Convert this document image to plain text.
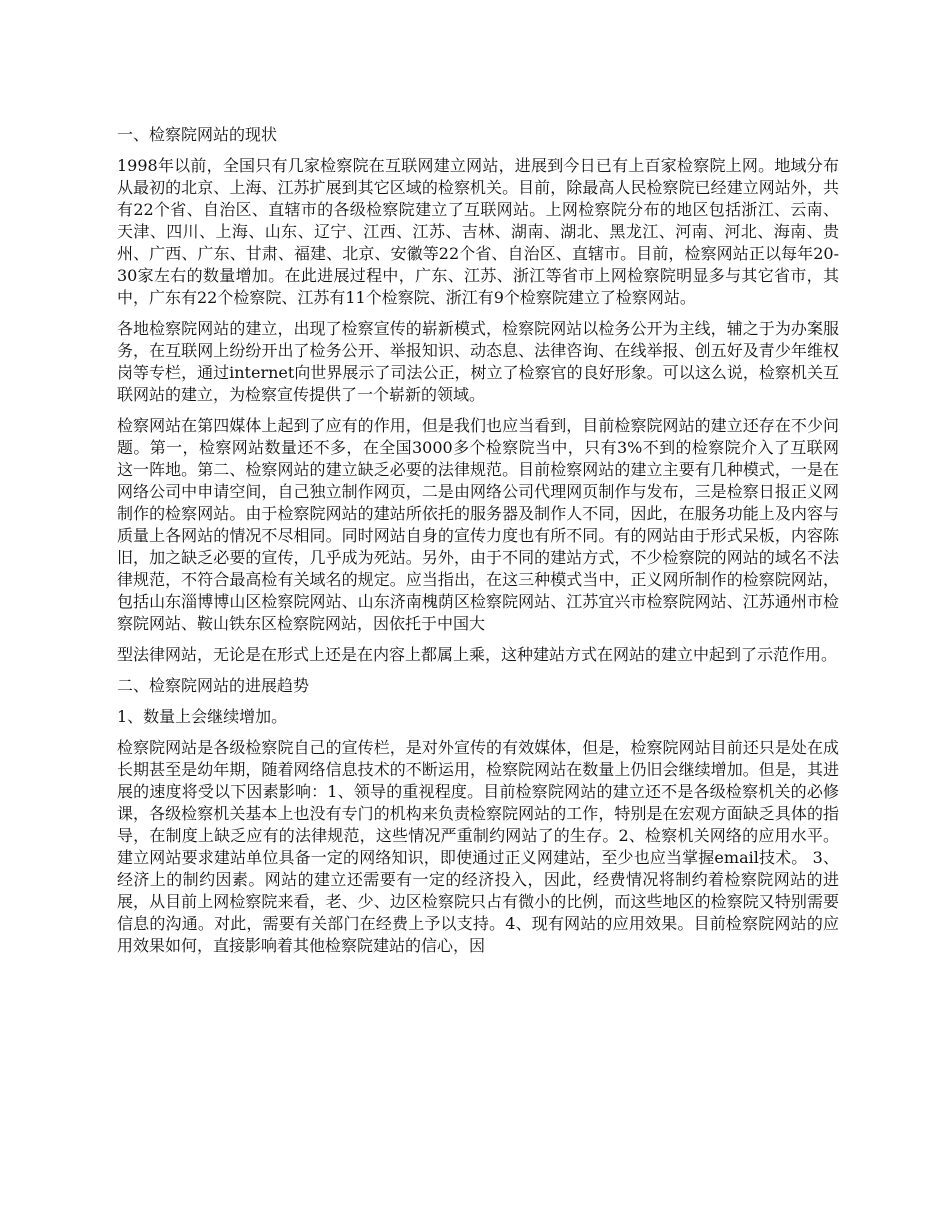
一、检察院网站的现状

1998年以前，全国只有几家检察院在互联网建立网站，进展到今日已有上百家检察院上网。地域分布从最初的北京、上海、江苏扩展到其它区域的检察机关。目前，除最高人民检察院已经建立网站外，共有22个省、自治区、直辖市的各级检察院建立了互联网站。上网检察院分布的地区包括浙江、云南、天津、四川、上海、山东、辽宁、江西、江苏、吉林、湖南、湖北、黑龙江、河南、河北、海南、贵州、广西、广东、甘肃、福建、北京、安徽等22个省、自治区、直辖市。目前，检察网站正以每年20-30家左右的数量增加。在此进展过程中，广东、江苏、浙江等省市上网检察院明显多与其它省市，其中，广东有22个检察院、江苏有11个检察院、浙江有9个检察院建立了检察网站。

各地检察院网站的建立，出现了检察宣传的崭新模式，检察院网站以检务公开为主线，辅之于为办案服务，在互联网上纷纷开出了检务公开、举报知识、动态息、法律咨询、在线举报、创五好及青少年维权岗等专栏，通过internet向世界展示了司法公正，树立了检察官的良好形象。可以这么说，检察机关互联网站的建立，为检察宣传提供了一个崭新的领域。

检察网站在第四媒体上起到了应有的作用，但是我们也应当看到，目前检察院网站的建立还存在不少问题。第一，检察网站数量还不多，在全国3000多个检察院当中，只有3%不到的检察院介入了互联网这一阵地。第二、检察网站的建立缺乏必要的法律规范。目前检察网站的建立主要有几种模式，一是在网络公司中申请空间，自己独立制作网页，二是由网络公司代理网页制作与发布，三是检察日报正义网制作的检察网站。由于检察院网站的建站所依托的服务器及制作人不同，因此，在服务功能上及内容与质量上各网站的情况不尽相同。同时网站自身的宣传力度也有所不同。有的网站由于形式呆板，内容陈旧，加之缺乏必要的宣传，几乎成为死站。另外，由于不同的建站方式，不少检察院的网站的域名不法律规范，不符合最高检有关域名的规定。应当指出，在这三种模式当中，正义网所制作的检察院网站，包括山东淄博博山区检察院网站、山东济南槐荫区检察院网站、江苏宜兴市检察院网站、江苏通州市检察院网站、鞍山铁东区检察院网站，因依托于中国大

型法律网站，无论是在形式上还是在内容上都属上乘，这种建站方式在网站的建立中起到了示范作用。

二、检察院网站的进展趋势

1、数量上会继续增加。

检察院网站是各级检察院自己的宣传栏，是对外宣传的有效媒体，但是，检察院网站目前还只是处在成长期甚至是幼年期，随着网络信息技术的不断运用，检察院网站在数量上仍旧会继续增加。但是，其进展的速度将受以下因素影响：1、领导的重视程度。目前检察院网站的建立还不是各级检察机关的必修课，各级检察机关基本上也没有专门的机构来负责检察院网站的工作，特别是在宏观方面缺乏具体的指导，在制度上缺乏应有的法律规范，这些情况严重制约网站了的生存。2、检察机关网络的应用水平。建立网站要求建站单位具备一定的网络知识，即使通过正义网建站，至少也应当掌握email技术。 3、经济上的制约因素。网站的建立还需要有一定的经济投入，因此，经费情况将制约着检察院网站的进展，从目前上网检察院来看，老、少、边区检察院只占有微小的比例，而这些地区的检察院又特别需要信息的沟通。对此，需要有关部门在经费上予以支持。4、现有网站的应用效果。目前检察院网站的应用效果如何，直接影响着其他检察院建站的信心，因
